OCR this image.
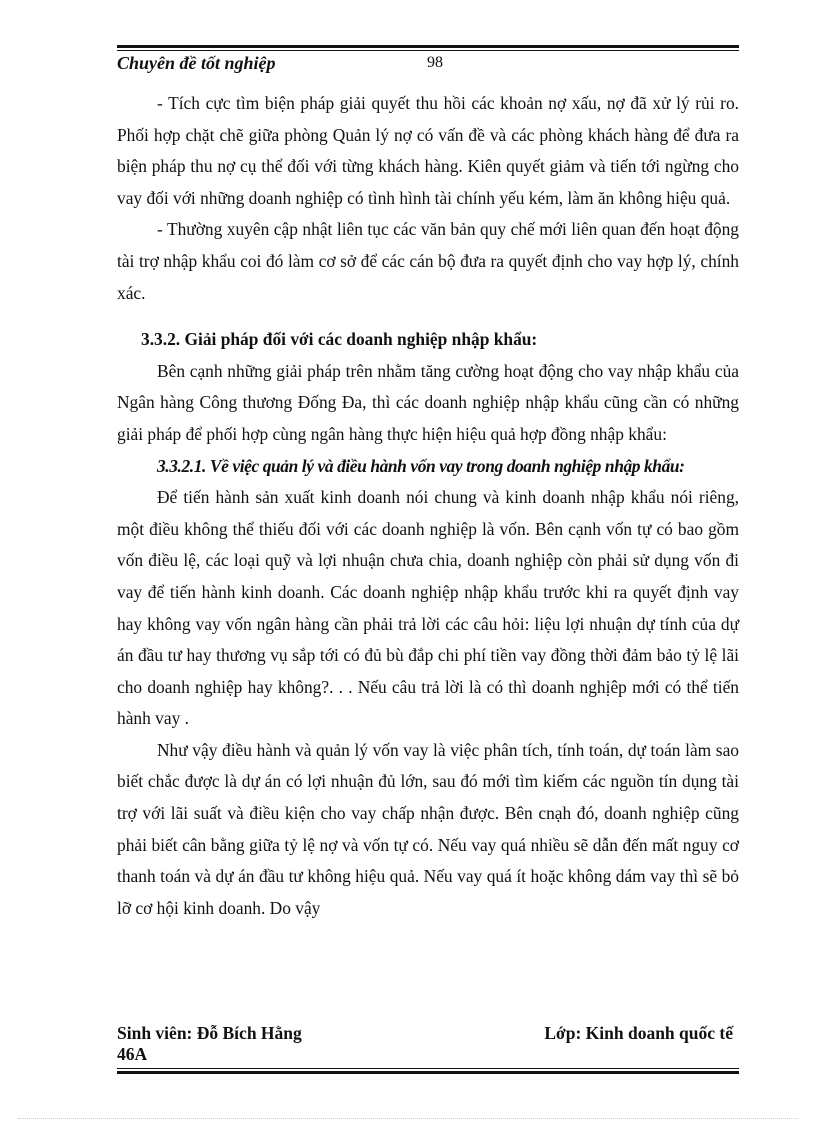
Chuyên đề tốt nghiệp	98

- Tích cực tìm biện pháp giải quyết thu hồi các khoản nợ xấu, nợ đã xử lý rủi ro. Phối hợp chặt chẽ giữa phòng Quản lý nợ có vấn đề và các phòng khách hàng để đưa ra biện pháp thu nợ cụ thể đối với từng khách hàng. Kiên quyết giảm và tiến tới ngừng cho vay đối với những doanh nghiệp có tình hình tài chính yếu kém, làm ăn không hiệu quả.

- Thường xuyên cập nhật liên tục các văn bản quy chế mới liên quan đến hoạt động tài trợ nhập khẩu coi đó làm cơ sở để các cán bộ đưa ra quyết định cho vay hợp lý, chính xác.

3.3.2. Giải pháp đối với các doanh nghiệp nhập khẩu:

Bên cạnh những giải pháp trên nhằm tăng cường hoạt động cho vay nhập khẩu của Ngân hàng Công thương Đống Đa, thì các doanh nghiệp nhập khẩu cũng cần có những giải pháp để phối hợp cùng ngân hàng thực hiện hiệu quả hợp đồng nhập khẩu:

3.3.2.1. Về việc quản lý và điều hành vốn vay trong doanh nghiệp nhập khẩu:

Để tiến hành sản xuất kinh doanh nói chung và kinh doanh nhập khẩu nói riêng, một điều không thể thiếu đối với các doanh nghiệp là vốn. Bên cạnh vốn tự có bao gồm vốn điều lệ, các loại quỹ và lợi nhuận chưa chia, doanh nghiệp còn phải sử dụng vốn đi vay để tiến hành kinh doanh. Các doanh nghiệp nhập khẩu trước khi ra quyết định vay hay không vay vốn ngân hàng cần phải trả lời các câu hỏi: liệu lợi nhuận dự tính của dự án đầu tư hay thương vụ sắp tới có đủ bù đắp chi phí tiền vay đồng thời đảm bảo tỷ lệ lãi cho doanh nghiệp hay không?. . . Nếu câu trả lời là có thì doanh nghịêp mới có thể tiến hành vay .

Như vậy điều hành và quản lý vốn vay là việc phân tích, tính toán, dự toán làm sao biết chắc được là dự án có lợi nhuận đủ lớn, sau đó mới tìm kiếm các nguồn tín dụng tài trợ với lãi suất và điều kiện cho vay chấp nhận được. Bên cnạh đó, doanh nghiệp cũng phải biết cân bằng giữa tỷ lệ nợ và vốn tự có. Nếu vay quá nhiều sẽ dẫn đến mất nguy cơ thanh toán và dự án đầu tư không hiệu quả. Nếu vay quá ít hoặc không dám vay thì sẽ bỏ lỡ cơ hội kinh doanh. Do vậy

Sinh viên: Đỗ Bích Hằng	Lớp: Kinh doanh quốc tế
46A
